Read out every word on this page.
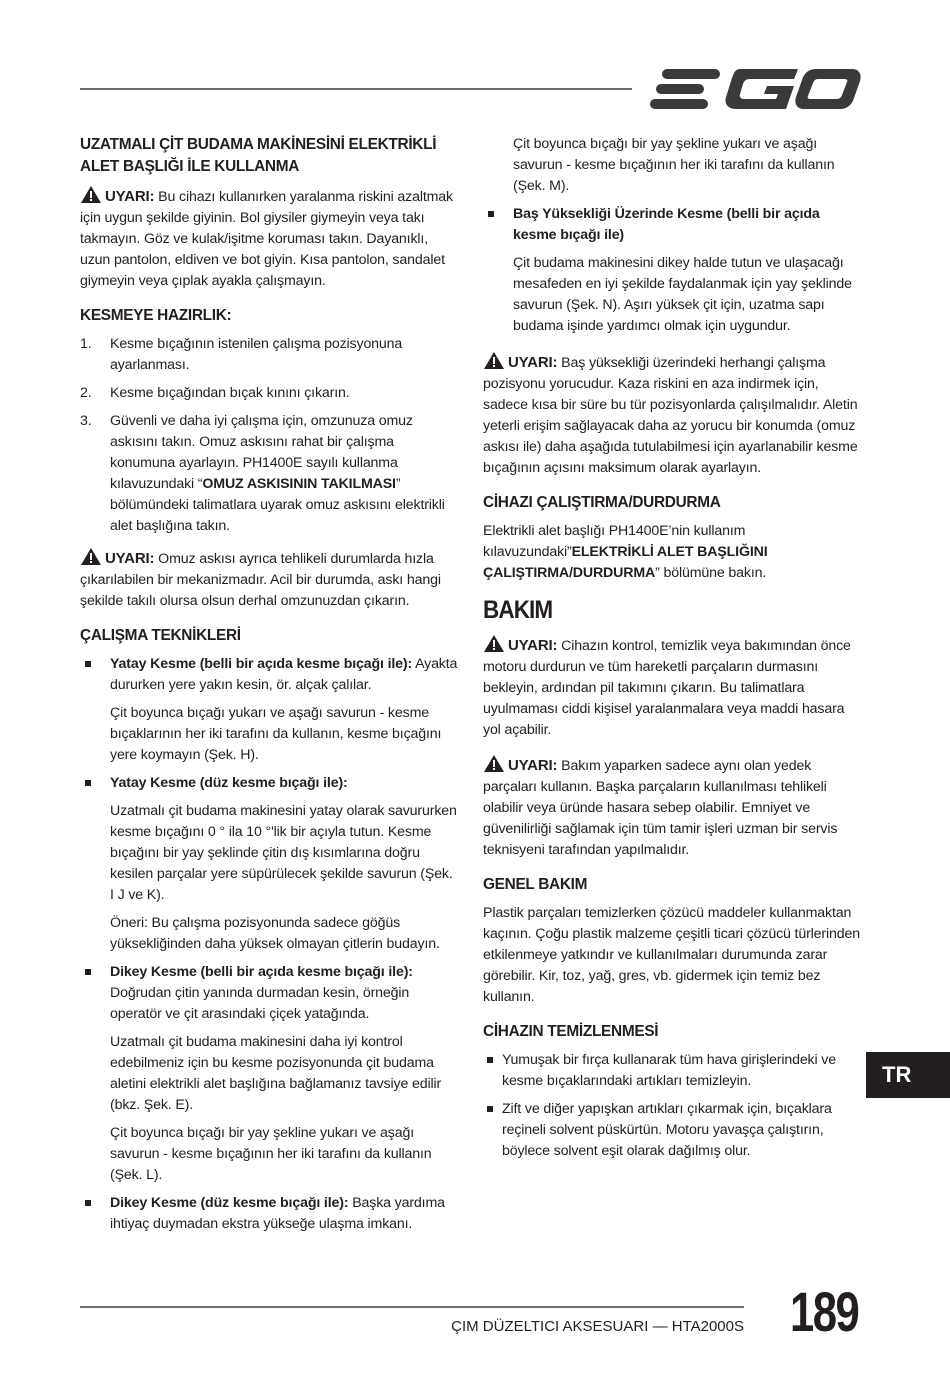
UZATMALI ÇİT BUDAMA MAKİNESİNİ ELEKTRİKLİ ALET BAŞLIĞI İLE KULLANMA

UYARI: Bu cihazı kullanırken yaralanma riskini azaltmak için uygun şekilde giyinin. Bol giysiler giymeyin veya takı takmayın. Göz ve kulak/işitme koruması takın. Dayanıklı, uzun pantolon, eldiven ve bot giyin. Kısa pantolon, sandalet giymeyin veya çıplak ayakla çalışmayın.

KESMEYE HAZIRLIK:
1. Kesme bıçağının istenilen çalışma pozisyonuna ayarlanması.
2. Kesme bıçağından bıçak kınını çıkarın.
3. Güvenli ve daha iyi çalışma için, omzunuza omuz askısını takın. Omuz askısını rahat bir çalışma konumuna ayarlayın. PH1400E sayılı kullanma kılavuzundaki “OMUZ ASKISININ TAKILMASI” bölümündeki talimatlara uyarak omuz askısını elektrikli alet başlığına takın.

UYARI: Omuz askısı ayrıca tehlikeli durumlarda hızla çıkarılabilen bir mekanizmadır. Acil bir durumda, askı hangi şekilde takılı olursa olsun derhal omzunuzdan çıkarın.

ÇALIŞMA TEKNİKLERİ
Yatay Kesme (belli bir açıda kesme bıçağı ile): Ayakta dururken yere yakın kesin, ör. alçak çalılar.

Çit boyunca bıçağı yukarı ve aşağı savurun - kesme bıçaklarının her iki tarafını da kullanın, kesme bıçağını yere koymayın (Şek. H).

Yatay Kesme (düz kesme bıçağı ile):

Uzatmalı çit budama makinesini yatay olarak savururken kesme bıçağını 0 ° ila 10 °'lik bir açıyla tutun. Kesme bıçağını bir yay şeklinde çitin dış kısımlarına doğru kesilen parçalar yere süpürülecek şekilde savurun (Şek. I J ve K).

Öneri: Bu çalışma pozisyonunda sadece göğüs yüksekliğinden daha yüksek olmayan çitlerin budayın.

Dikey Kesme (belli bir açıda kesme bıçağı ile): Doğrudan çitin yanında durmadan kesin, örneğin operatör ve çit arasındaki çiçek yatağında.

Uzatmalı çit budama makinesini daha iyi kontrol edebilmeniz için bu kesme pozisyonunda çit budama aletini elektrikli alet başlığına bağlamanız tavsiye edilir (bkz. Şek. E).

Çit boyunca bıçağı bir yay şekline yukarı ve aşağı savurun - kesme bıçağının her iki tarafını da kullanın (Şek. L).

Dikey Kesme (düz kesme bıçağı ile): Başka yardıma ihtiyaç duymadan ekstra yükseğe ulaşma imkanı.

Çit boyunca bıçağı bir yay şekline yukarı ve aşağı savurun - kesme bıçağının her iki tarafını da kullanın (Şek. M).

Baş Yüksekliği Üzerinde Kesme (belli bir açıda kesme bıçağı ile)

Çit budama makinesini dikey halde tutun ve ulaşacağı mesafeden en iyi şekilde faydalanmak için yay şeklinde savurun (Şek. N). Aşırı yüksek çit için, uzatma sapı budama işinde yardımcı olmak için uygundur.

UYARI: Baş yüksekliği üzerindeki herhangi çalışma pozisyonu yorucudur. Kaza riskini en aza indirmek için, sadece kısa bir süre bu tür pozisyonlarda çalışılmalıdır. Aletin yeterli erişim sağlayacak daha az yorucu bir konumda (omuz askısı ile) daha aşağıda tutulabilmesi için ayarlanabilir kesme bıçağının açısını maksimum olarak ayarlayın.

CİHAZI ÇALIŞTIRMA/DURDURMA

Elektrikli alet başlığı PH1400E’nin kullanım kılavuzundaki”ELEKTRİKLİ ALET BAŞLIĞINI ÇALIŞTIRMA/DURDURMA” bölümüne bakın.

BAKIM

UYARI: Cihazın kontrol, temizlik veya bakımından önce motoru durdurun ve tüm hareketli parçaların durmasını bekleyin, ardından pil takımını çıkarın. Bu talimatlara uyulmaması ciddi kişisel yaralanmalara veya maddi hasara yol açabilir.

UYARI: Bakım yaparken sadece aynı olan yedek parçaları kullanın. Başka parçaların kullanılması tehlikeli olabilir veya üründe hasara sebep olabilir. Emniyet ve güvenilirliği sağlamak için tüm tamir işleri uzman bir servis teknisyeni tarafından yapılmalıdır.

GENEL BAKIM

Plastik parçaları temizlerken çözücü maddeler kullanmaktan kaçının. Çoğu plastik malzeme çeşitli ticari çözücü türlerinden etkilenmeye yatkındır ve kullanılmaları durumunda zarar görebilir. Kir, toz, yağ, gres, vb. gidermek için temiz bez kullanın.

CİHAZIN TEMİZLENMESİ
Yumuşak bir fırça kullanarak tüm hava girişlerindeki ve kesme bıçaklarındaki artıkları temizleyin.
Zift ve diğer yapışkan artıkları çıkarmak için, bıçaklara reçineli solvent püskürtün. Motoru yavaşça çalıştırın, böylece solvent eşit olarak dağılmış olur.
TR
ÇIM DÜZELTICI AKSESUARI — HTA2000S 189
